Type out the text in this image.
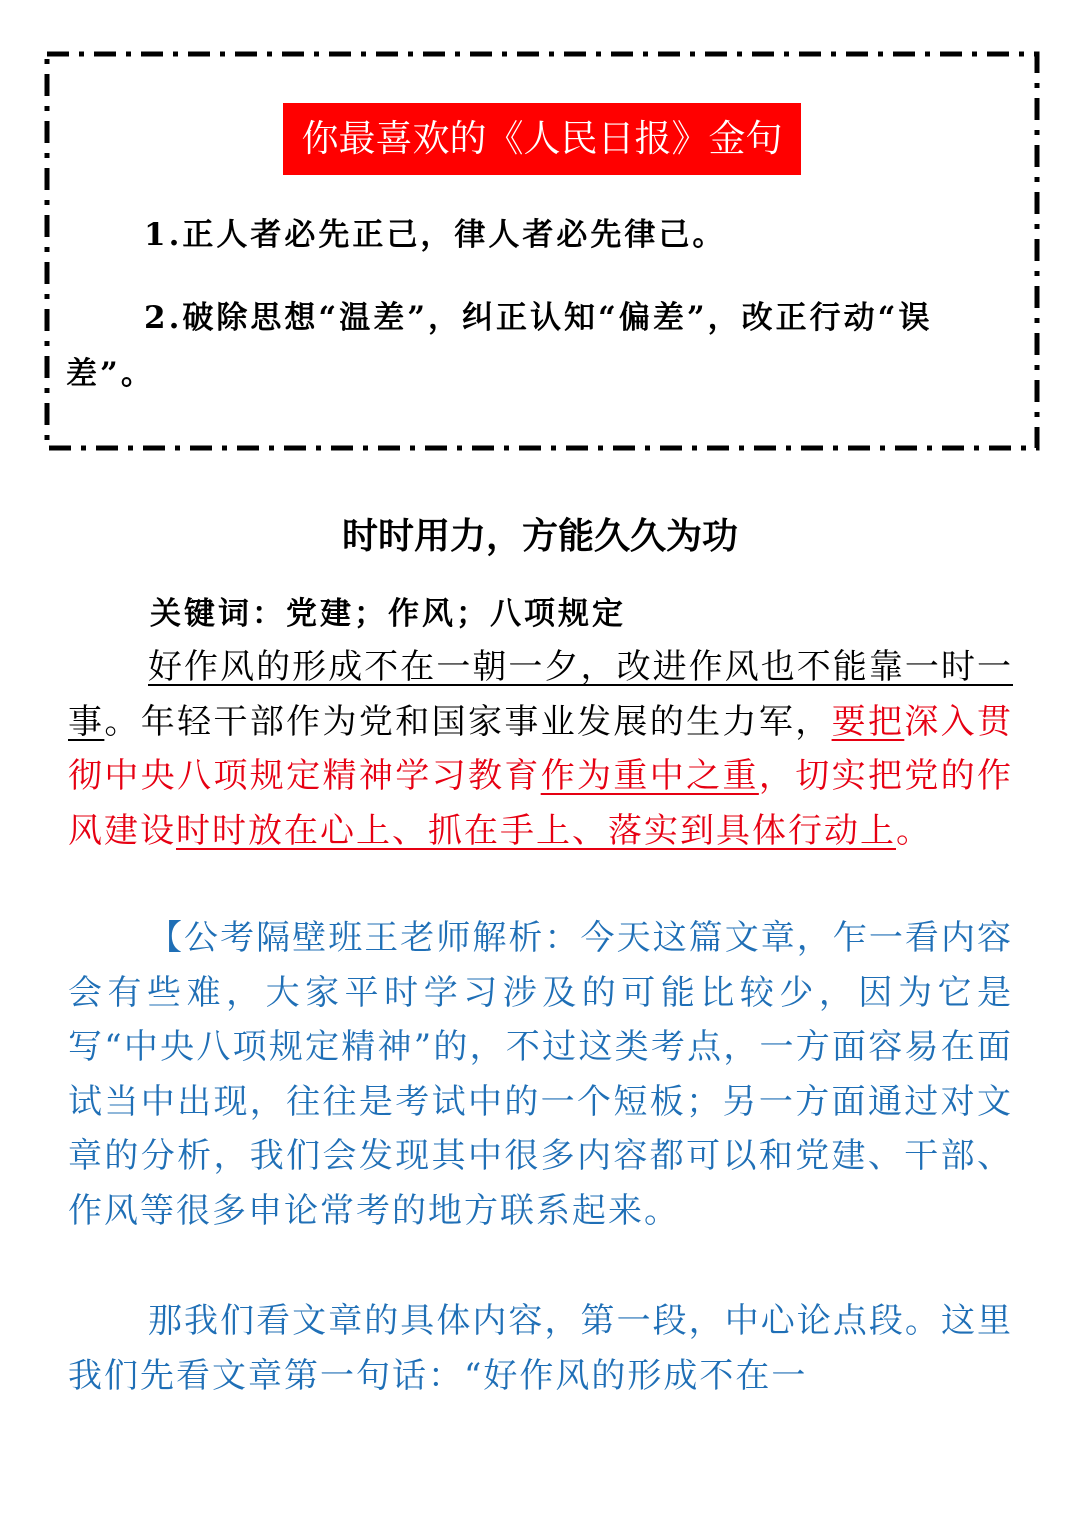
你最喜欢的《人民日报》金句
1.正人者必先正己，律人者必先律己。
2.破除思想“温差”，纠正认知“偏差”，改正行动“误差”。
时时用力，方能久久为功
关键词：党建；作风；八项规定
好作风的形成不在一朝一夕，改进作风也不能靠一时一事。年轻干部作为党和国家事业发展的生力军，要把深入贯彻中央八项规定精神学习教育作为重中之重，切实把党的作风建设时时放在心上、抓在手上、落实到具体行动上。
【公考隔壁班王老师解析：今天这篇文章，乍一看内容会有些难，大家平时学习涉及的可能比较少，因为它是写“中央八项规定精神”的，不过这类考点，一方面容易在面试当中出现，往往是考试中的一个短板；另一方面通过对文章的分析，我们会发现其中很多内容都可以和党建、干部、作风等很多申论常考的地方联系起来。
那我们看文章的具体内容，第一段，中心论点段。这里我们先看文章第一句话：“好作风的形成不在一
